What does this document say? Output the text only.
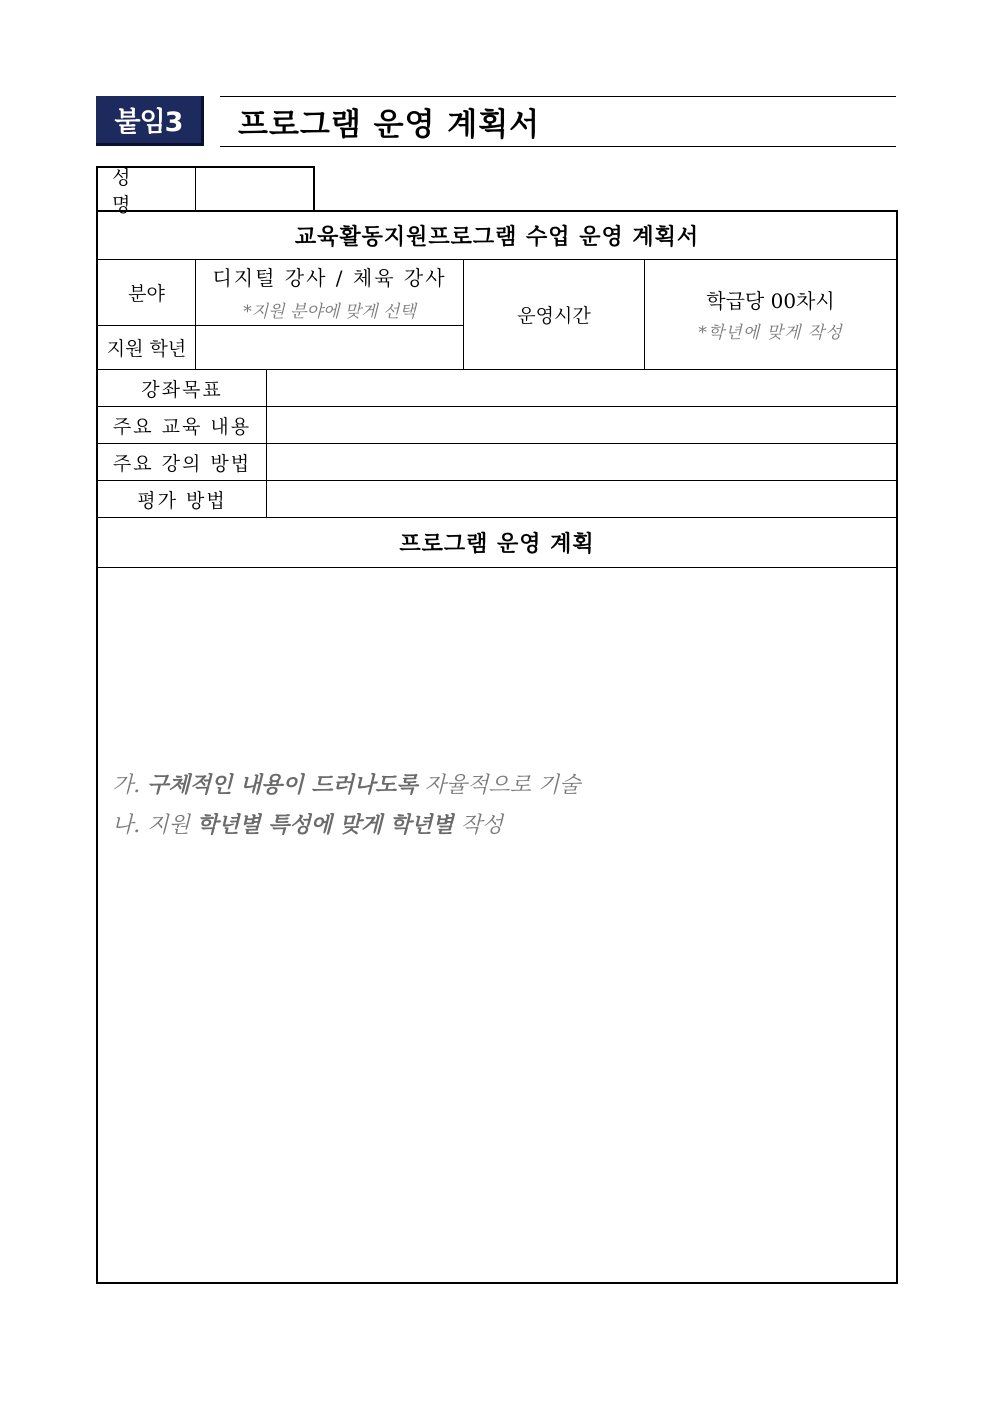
붙임3	프로그램 운영 계획서
성 명
교육활동지원프로그램 수업 운영 계획서
분야
디지털 강사 / 체육 강사
*지원 분야에 맞게 선택
지원 학년
운영시간
학급당 00차시
*학년에 맞게 작성
강좌목표
주요 교육 내용
주요 강의 방법
평가 방법
프로그램 운영 계획
가. 구체적인 내용이 드러나도록 자율적으로 기술
나. 지원 학년별 특성에 맞게 학년별 작성
